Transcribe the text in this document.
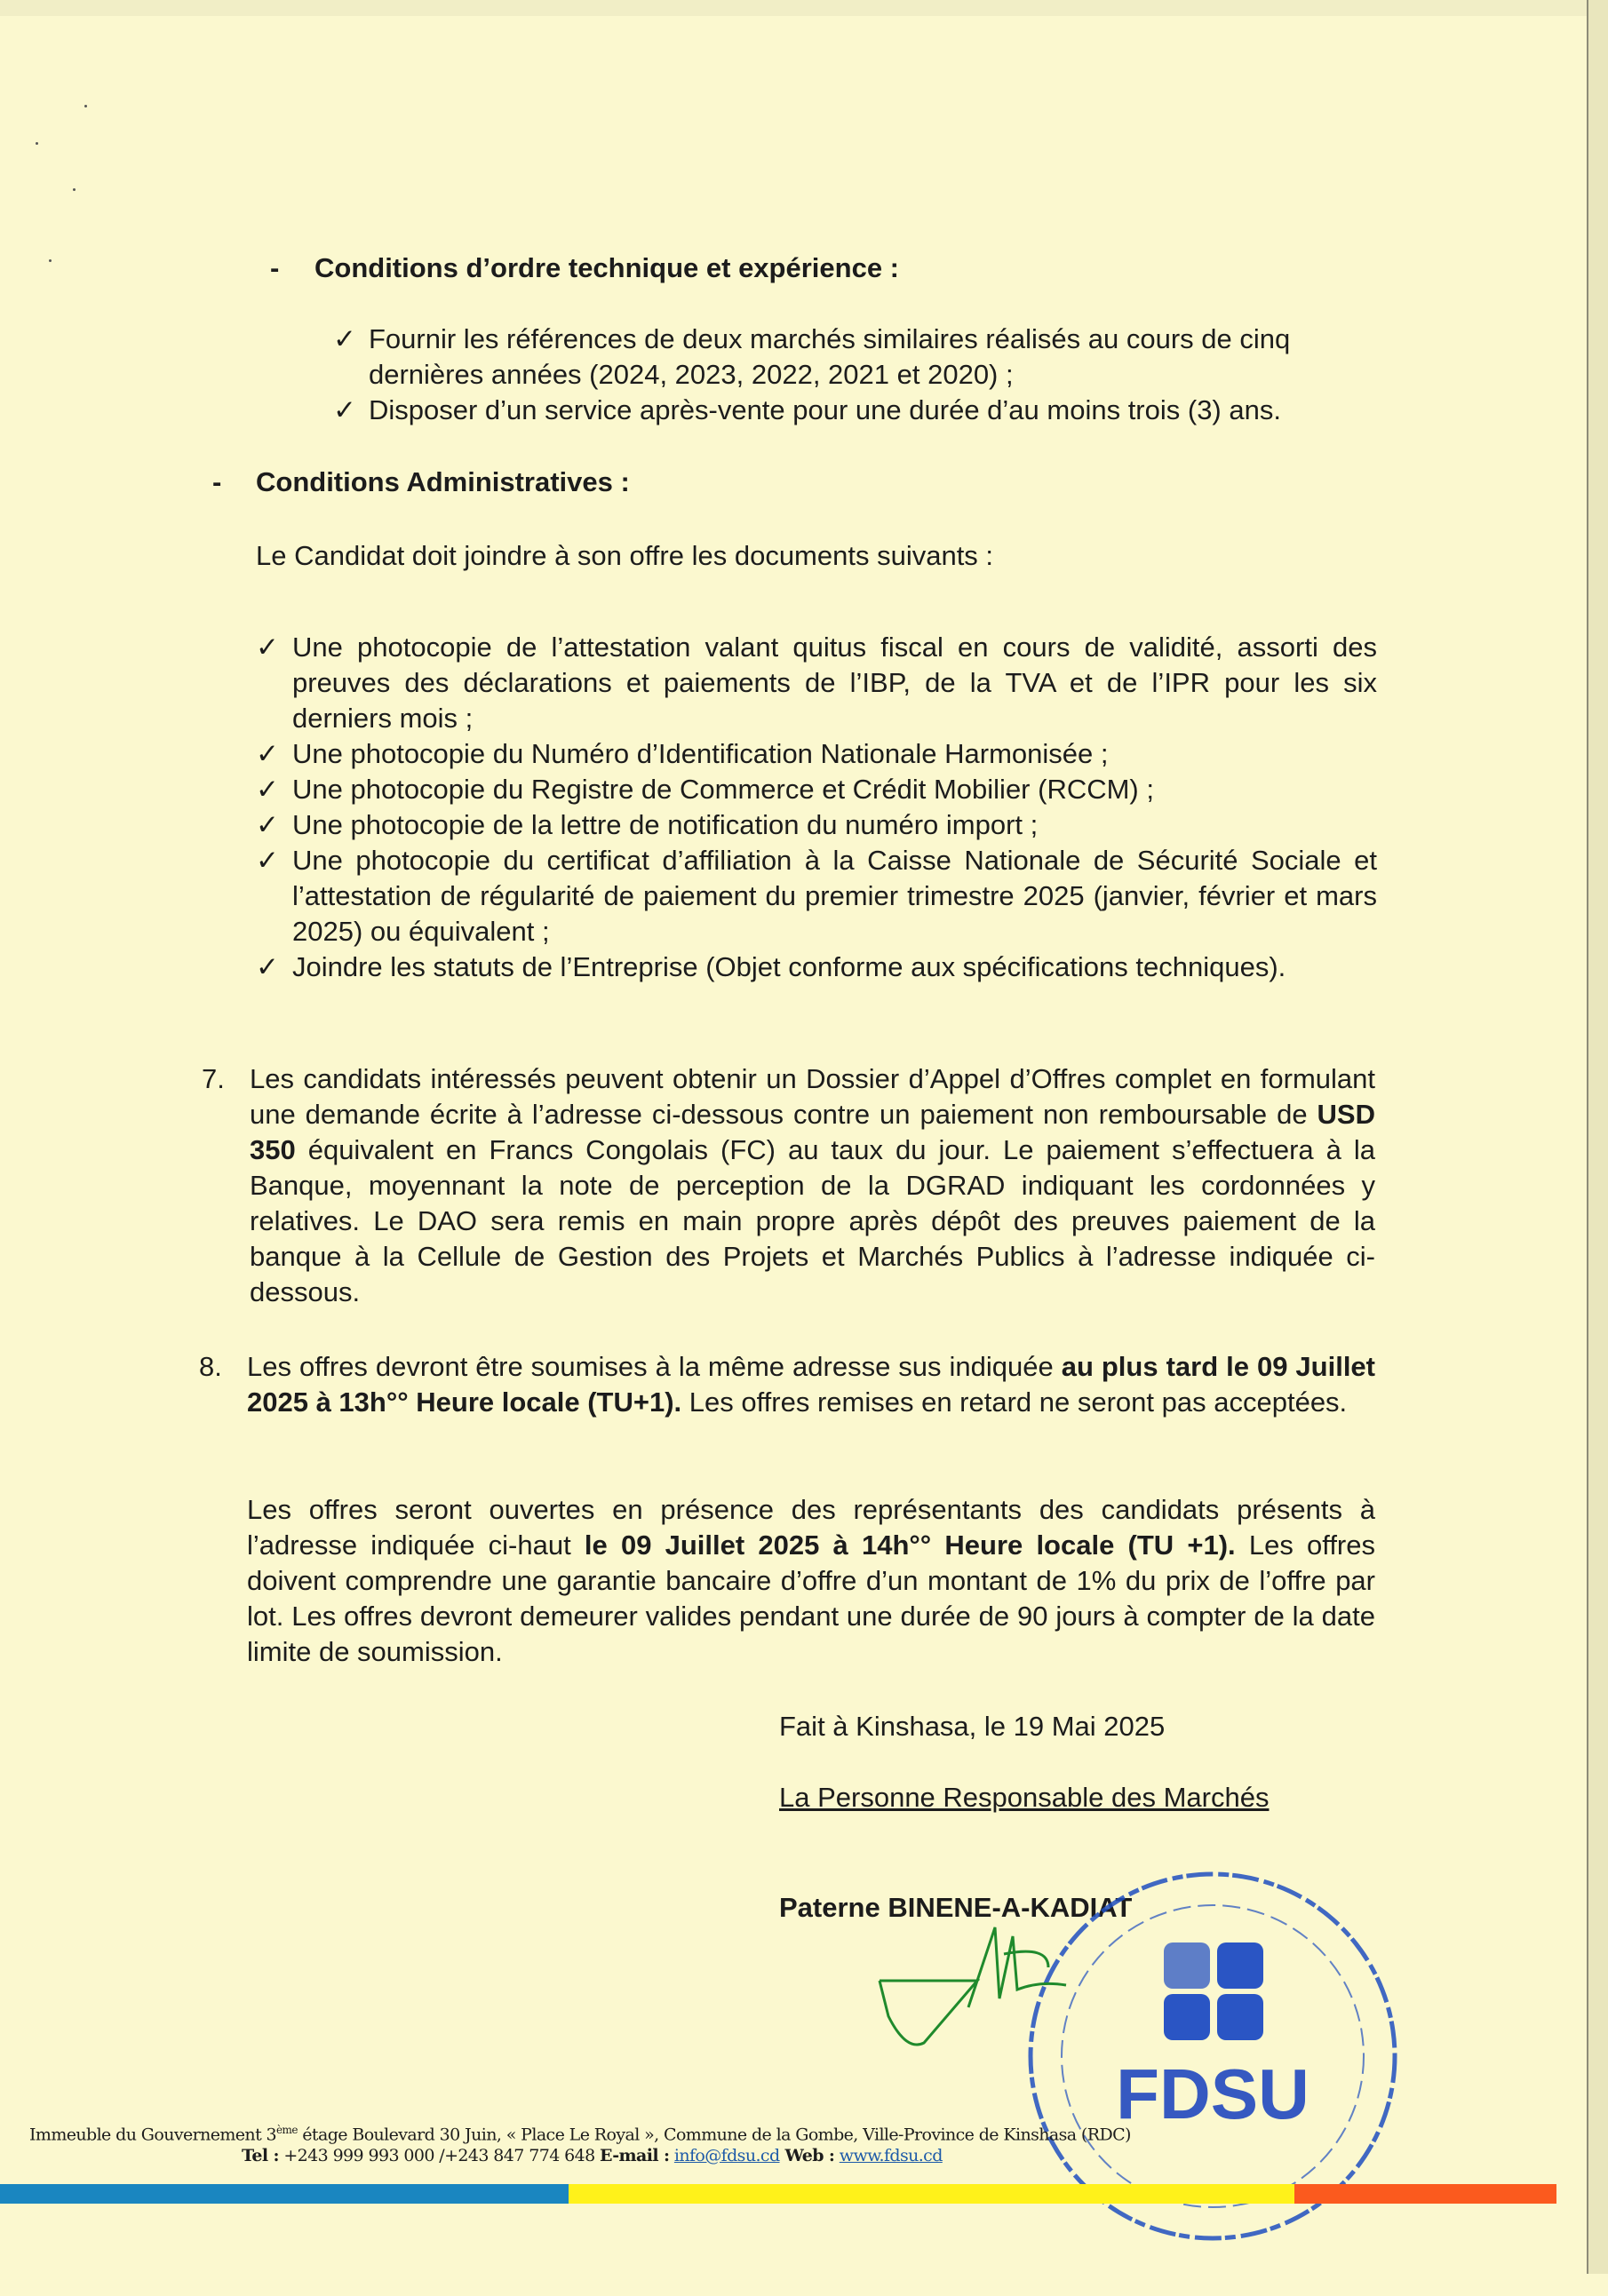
- Conditions d’ordre technique et expérience :
✓ Fournir les références de deux marchés similaires réalisés au cours de cinq dernières années (2024, 2023, 2022, 2021 et 2020) ;
✓ Disposer d’un service après-vente pour une durée d’au moins trois (3) ans.
- Conditions Administratives :
Le Candidat doit joindre à son offre les documents suivants :
✓ Une photocopie de l’attestation valant quitus fiscal en cours de validité, assorti des preuves des déclarations et paiements de l’IBP, de la TVA et de l’IPR pour les six derniers mois ;
✓ Une photocopie du Numéro d’Identification Nationale Harmonisée ;
✓ Une photocopie du Registre de Commerce et Crédit Mobilier (RCCM) ;
✓ Une photocopie de la lettre de notification du numéro import ;
✓ Une photocopie du certificat d’affiliation à la Caisse Nationale de Sécurité Sociale et l’attestation de régularité de paiement du premier trimestre 2025 (janvier, février et mars 2025) ou équivalent ;
✓ Joindre les statuts de l’Entreprise (Objet conforme aux spécifications techniques).
7. Les candidats intéressés peuvent obtenir un Dossier d’Appel d’Offres complet en formulant une demande écrite à l’adresse ci-dessous contre un paiement non remboursable de USD 350 équivalent en Francs Congolais (FC) au taux du jour. Le paiement s’effectuera à la Banque, moyennant la note de perception de la DGRAD indiquant les cordonnées y relatives. Le DAO sera remis en main propre après dépôt des preuves paiement de la banque à la Cellule de Gestion des Projets et Marchés Publics à l’adresse indiquée ci-dessous.
8. Les offres devront être soumises à la même adresse sus indiquée au plus tard le 09 Juillet 2025 à 13h°° Heure locale (TU+1). Les offres remises en retard ne seront pas acceptées.
Les offres seront ouvertes en présence des représentants des candidats présents à l’adresse indiquée ci-haut le 09 Juillet 2025 à 14h°° Heure locale (TU +1). Les offres doivent comprendre une garantie bancaire d’offre d’un montant de 1% du prix de l’offre par lot. Les offres devront demeurer valides pendant une durée de 90 jours à compter de la date limite de soumission.
Fait à Kinshasa, le 19 Mai 2025
La Personne Responsable des Marchés
Paterne BINENE-A-KADIAT
FDSU
Immeuble du Gouvernement 3ème étage Boulevard 30 Juin, « Place Le Royal », Commune de la Gombe, Ville-Province de Kinshasa (RDC)
Tel : +243 999 993 000 /+243 847 774 648 E-mail : info@fdsu.cd Web : www.fdsu.cd
